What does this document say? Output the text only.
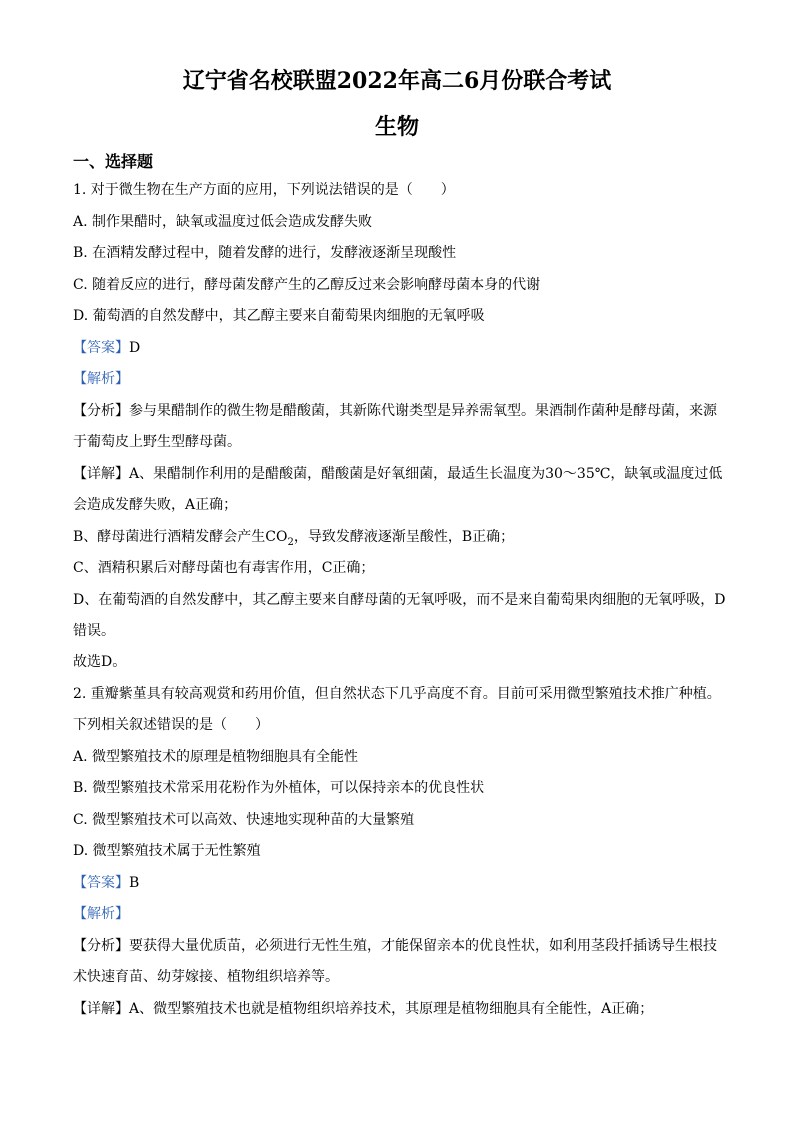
辽宁省名校联盟2022年高二6月份联合考试
生物
一、选择题
1. 对于微生物在生产方面的应用，下列说法错误的是（　　）
A. 制作果醋时，缺氧或温度过低会造成发酵失败
B. 在酒精发酵过程中，随着发酵的进行，发酵液逐渐呈现酸性
C. 随着反应的进行，酵母菌发酵产生的乙醇反过来会影响酵母菌本身的代谢
D. 葡萄酒的自然发酵中，其乙醇主要来自葡萄果肉细胞的无氧呼吸
【答案】D
【解析】
【分析】参与果醋制作的微生物是醋酸菌，其新陈代谢类型是异养需氧型。果酒制作菌种是酵母菌，来源
于葡萄皮上野生型酵母菌。
【详解】A、果醋制作利用的是醋酸菌，醋酸菌是好氧细菌，最适生长温度为30～35℃，缺氧或温度过低
会造成发酵失败，A正确；
B、酵母菌进行酒精发酵会产生$CO_2$，导致发酵液逐渐呈酸性，B正确；
C、酒精积累后对酵母菌也有毒害作用，C正确；
D、在葡萄酒的自然发酵中，其乙醇主要来自酵母菌的无氧呼吸，而不是来自葡萄果肉细胞的无氧呼吸，D
错误。
故选D。
2. 重瓣紫堇具有较高观赏和药用价值，但自然状态下几乎高度不育。目前可采用微型繁殖技术推广种植。
下列相关叙述错误的是（　　）
A. 微型繁殖技术的原理是植物细胞具有全能性
B. 微型繁殖技术常采用花粉作为外植体，可以保持亲本的优良性状
C. 微型繁殖技术可以高效、快速地实现种苗的大量繁殖
D. 微型繁殖技术属于无性繁殖
【答案】B
【解析】
【分析】要获得大量优质苗，必须进行无性生殖，才能保留亲本的优良性状，如利用茎段扦插诱导生根技
术快速育苗、幼芽嫁接、植物组织培养等。
【详解】A、微型繁殖技术也就是植物组织培养技术，其原理是植物细胞具有全能性，A正确；
